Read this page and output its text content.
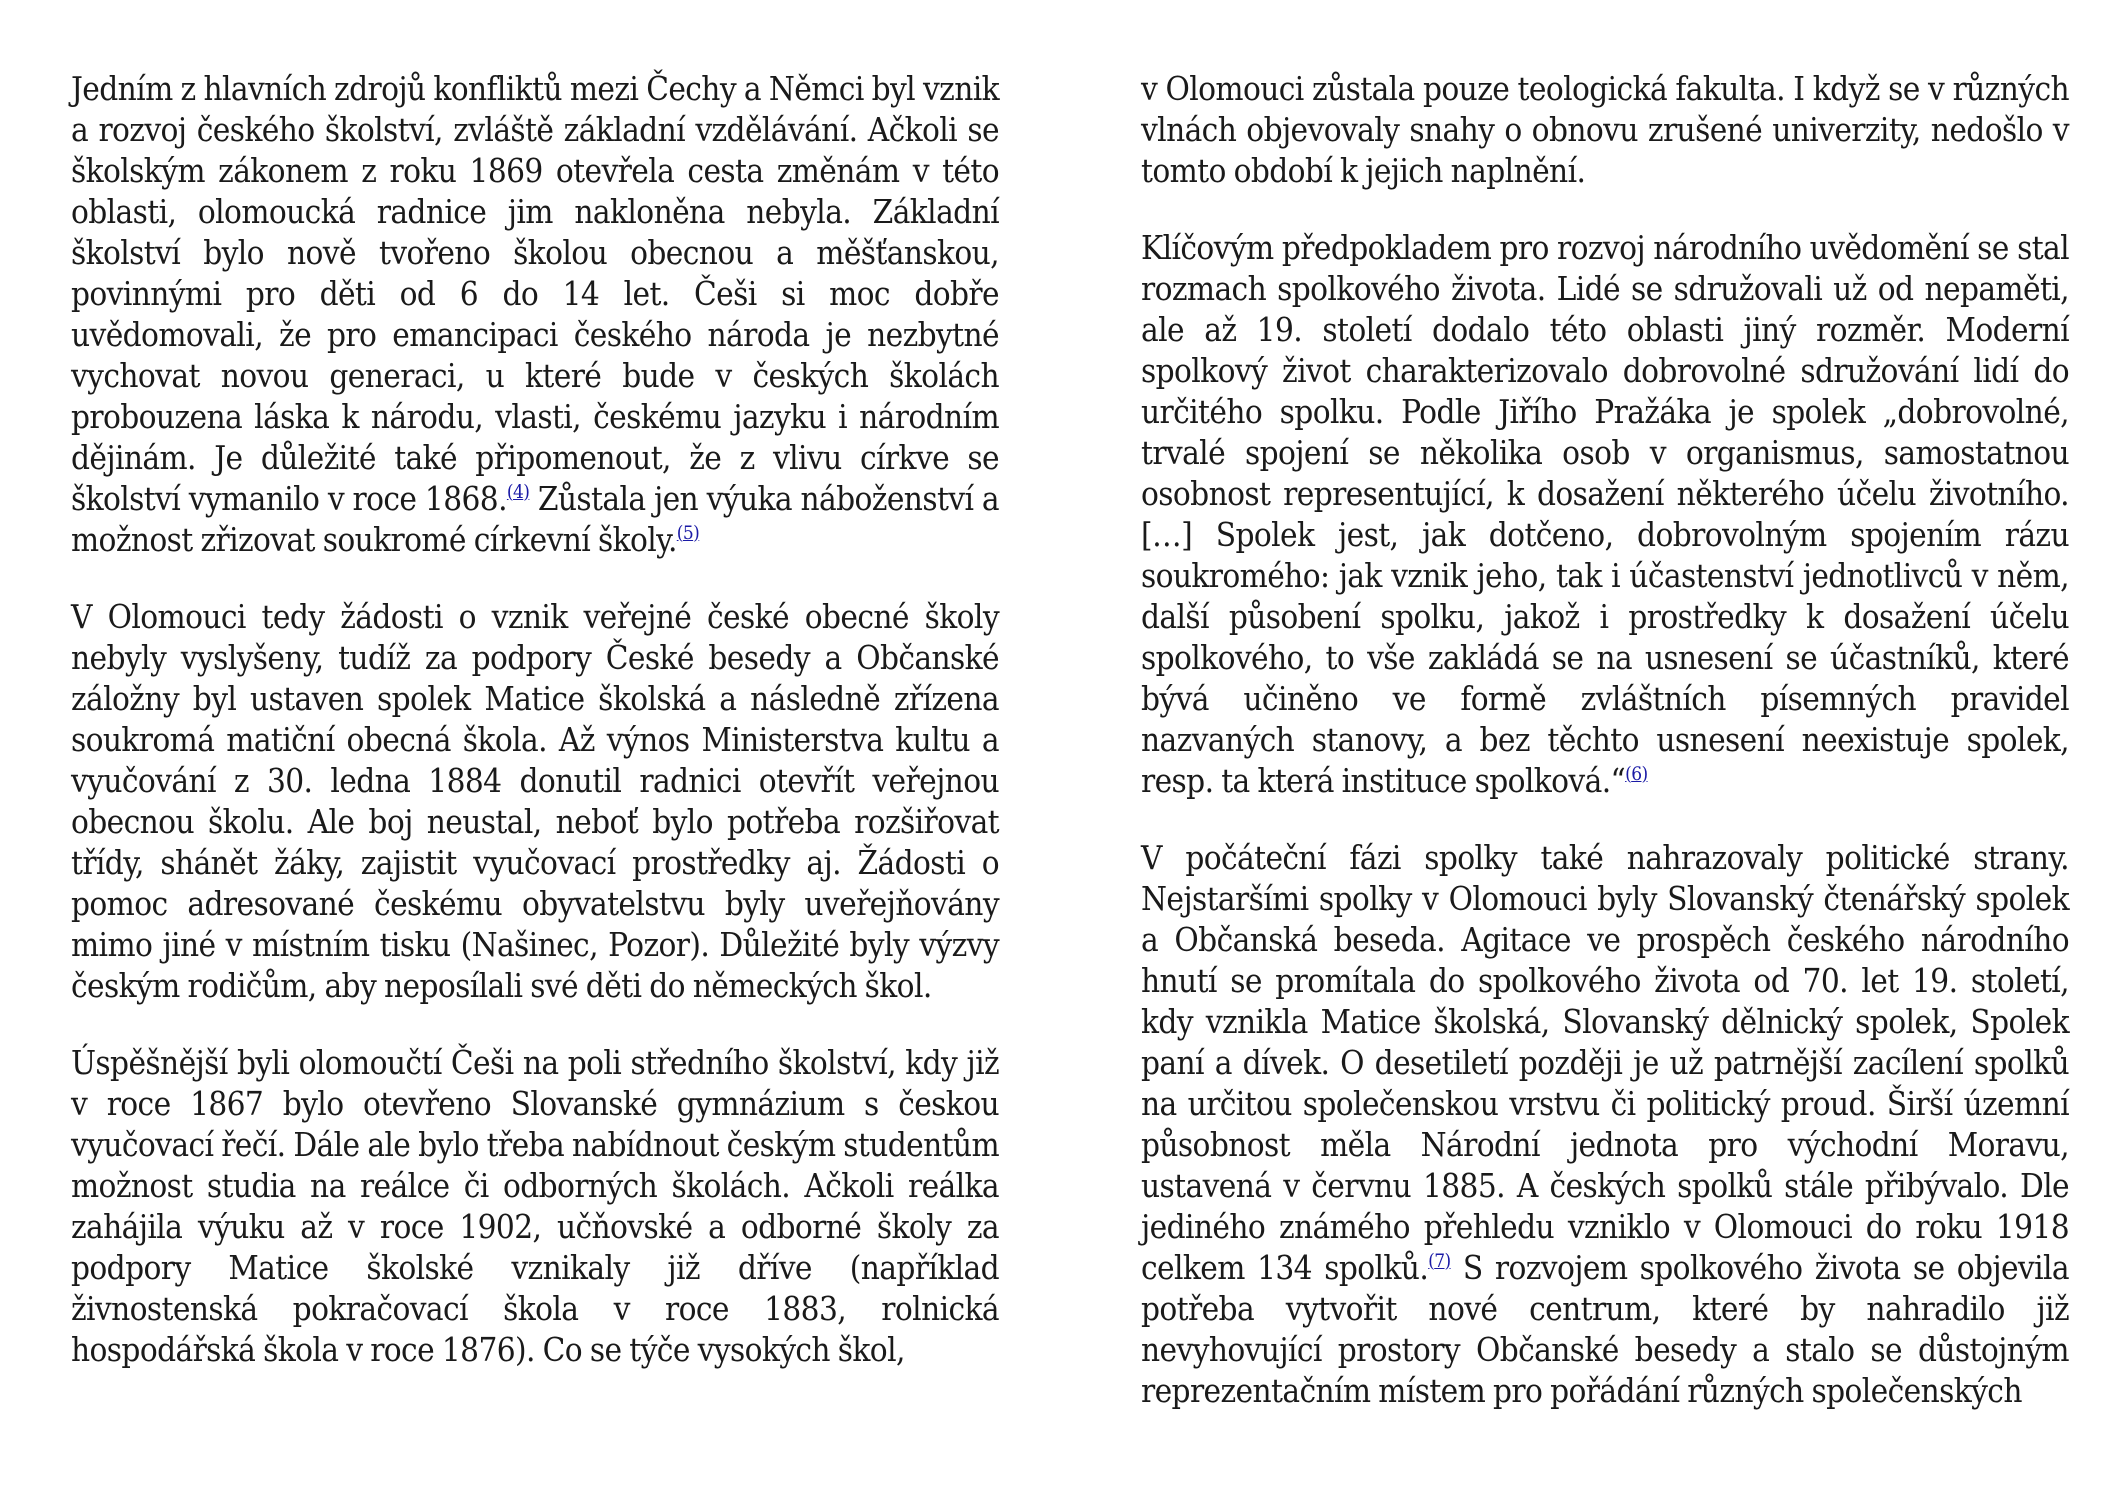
Jedním z hlavních zdrojů konfliktů mezi Čechy a Němci byl vznik a rozvoj českého školství, zvláště základní vzdělávání. Ačkoli se školským zákonem z roku 1869 otevřela cesta změnám v této oblasti, olomoucká radnice jim nakloněna nebyla. Základní školství bylo nově tvořeno školou obecnou a měšťanskou, povinnými pro děti od 6 do 14 let. Češi si moc dobře uvědomovali, že pro emancipaci českého národa je nezbytné vychovat novou generaci, u které bude v českých školách probouzena láska k národu, vlasti, českému jazyku i národním dějinám. Je důležité také připomenout, že z vlivu církve se školství vymanilo v roce 1868. ( $^4$ ) Zůstala jen výuka náboženství a možnost zřizovat soukromé církevní školy. ( $^5$ )

V Olomouci tedy žádosti o vznik veřejné české obecné školy nebyly vyslyšeny, tudíž za podpory České besedy a Občanské záložny byl ustaven spolek Matice školská a následně zřízena soukromá matiční obecná škola. Až výnos Ministerstva kultu a vyučování z 30. ledna 1884 donutil radnici otevřít veřejnou obecnou školu. Ale boj neustal, neboť bylo potřeba rozšiřovat třídy, shánět žáky, zajistit vyučovací prostředky aj. Žádosti o pomoc adresované českému obyvatelstvu byly uveřejňovány mimo jiné v místním tisku (Našinec, Pozor). Důležité byly výzvy českým rodičům, aby neposílali své děti do německých škol.

Úspěšnější byli olomoučtí Češi na poli středního školství, kdy již v roce 1867 bylo otevřeno Slovanské gymnázium s českou vyučovací řečí. Dále ale bylo třeba nabídnout českým studentům možnost studia na reálce či odborných školách. Ačkoli reálka zahájila výuku až v roce 1902, učňovské a odborné školy za podpory Matice školské vznikaly již dříve (například živnostenská pokračovací škola v roce 1883, rolnická hospodářská škola v roce 1876). Co se týče vysokých škol,

v Olomouci zůstala pouze teologická fakulta. I když se v různých vlnách objevovaly snahy o obnovu zrušené univerzity, nedošlo v tomto období k jejich naplnění.

Klíčovým předpokladem pro rozvoj národního uvědomění se stal rozmach spolkového života. Lidé se sdružovali už od nepaměti, ale až 19. století dodalo této oblasti jiný rozměr. Moderní spolkový život charakterizovalo dobrovolné sdružování lidí do určitého spolku. Podle Jiřího Pražáka je spolek „dobrovolné, trvalé spojení se několika osob v organismus, samostatnou osobnost representující, k dosažení některého účelu životního.[…] Spolek jest, jak dotčeno, dobrovolným spojením rázu soukromého: jak vznik jeho, tak i účastenství jednotlivců v něm, další působení spolku, jakož i prostředky k dosažení účelu spolkového, to vše zakládá se na usnesení se účastníků, které bývá učiněno ve formě zvláštních písemných pravidel nazvaných stanovy, a bez těchto usnesení neexistuje spolek, resp. ta která instituce spolková.“ ( $^6$ )

V počáteční fázi spolky také nahrazovaly politické strany. Nejstaršími spolky v Olomouci byly Slovanský čtenářský spolek a Občanská beseda. Agitace ve prospěch českého národního hnutí se promítala do spolkového života od 70. let 19. století, kdy vznikla Matice školská, Slovanský dělnický spolek, Spolek paní a dívek. O desetiletí později je už patrnější zacílení spolků na určitou společenskou vrstvu či politický proud. Širší územní působnost měla Národní jednota pro východní Moravu, ustavená v červnu 1885. A českých spolků stále přibývalo. Dle jediného známého přehledu vzniklo v Olomouci do roku 1918 celkem 134 spolků. ( $^7$ ) S rozvojem spolkového života se objevila potřeba vytvořit nové centrum, které by nahradilo již nevyhovující prostory Občanské besedy a stalo se důstojným reprezentačním místem pro pořádání různých společenských
